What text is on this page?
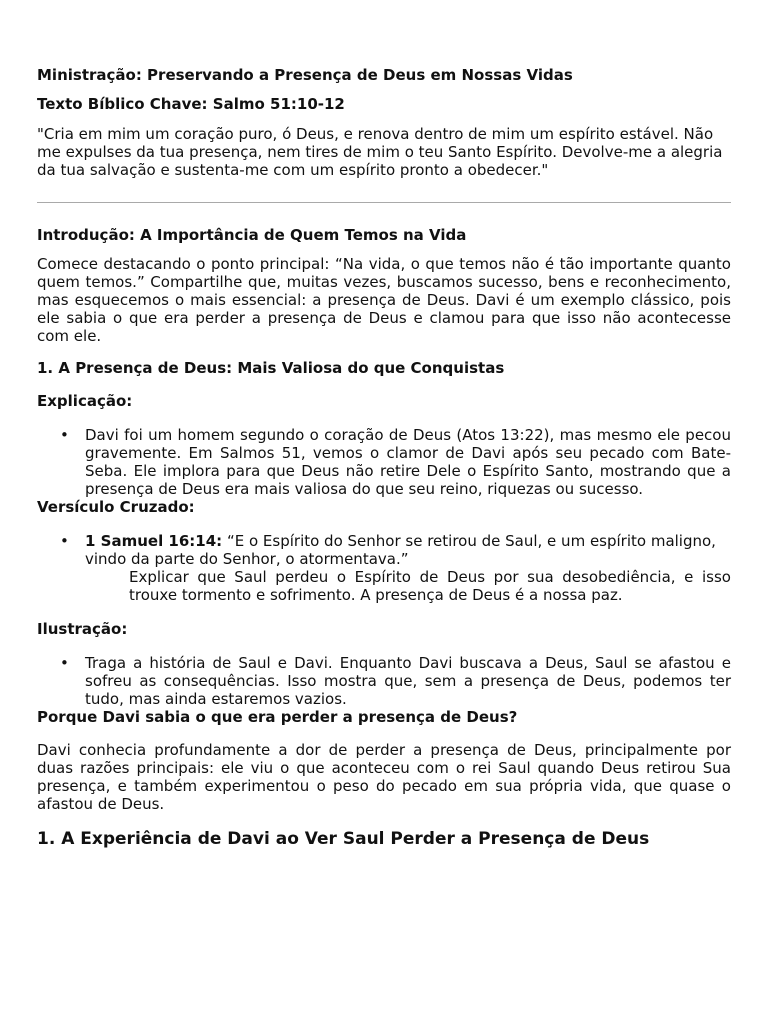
Ministração: Preservando a Presença de Deus em Nossas Vidas

Texto Bíblico Chave: Salmo 51:10-12

"Cria em mim um coração puro, ó Deus, e renova dentro de mim um espírito estável. Não me expulses da tua presença, nem tires de mim o teu Santo Espírito. Devolve-me a alegria da tua salvação e sustenta-me com um espírito pronto a obedecer."

Introdução: A Importância de Quem Temos na Vida

Comece destacando o ponto principal: “Na vida, o que temos não é tão importante quanto quem temos.” Compartilhe que, muitas vezes, buscamos sucesso, bens e reconhecimento, mas esquecemos o mais essencial: a presença de Deus. Davi é um exemplo clássico, pois ele sabia o que era perder a presença de Deus e clamou para que isso não acontecesse com ele.

1. A Presença de Deus: Mais Valiosa do que Conquistas

Explicação:

• Davi foi um homem segundo o coração de Deus (Atos 13:22), mas mesmo ele pecou gravemente. Em Salmos 51, vemos o clamor de Davi após seu pecado com Bate-Seba. Ele implora para que Deus não retire Dele o Espírito Santo, mostrando que a presença de Deus era mais valiosa do que seu reino, riquezas ou sucesso.

Versículo Cruzado:

• 1 Samuel 16:14: “E o Espírito do Senhor se retirou de Saul, e um espírito maligno, vindo da parte do Senhor, o atormentava.”

Explicar que Saul perdeu o Espírito de Deus por sua desobediência, e isso trouxe tormento e sofrimento. A presença de Deus é a nossa paz.

Ilustração:

• Traga a história de Saul e Davi. Enquanto Davi buscava a Deus, Saul se afastou e sofreu as consequências. Isso mostra que, sem a presença de Deus, podemos ter tudo, mas ainda estaremos vazios.

Porque Davi sabia o que era perder a presença de Deus?

Davi conhecia profundamente a dor de perder a presença de Deus, principalmente por duas razões principais: ele viu o que aconteceu com o rei Saul quando Deus retirou Sua presença, e também experimentou o peso do pecado em sua própria vida, que quase o afastou de Deus.

1. A Experiência de Davi ao Ver Saul Perder a Presença de Deus
